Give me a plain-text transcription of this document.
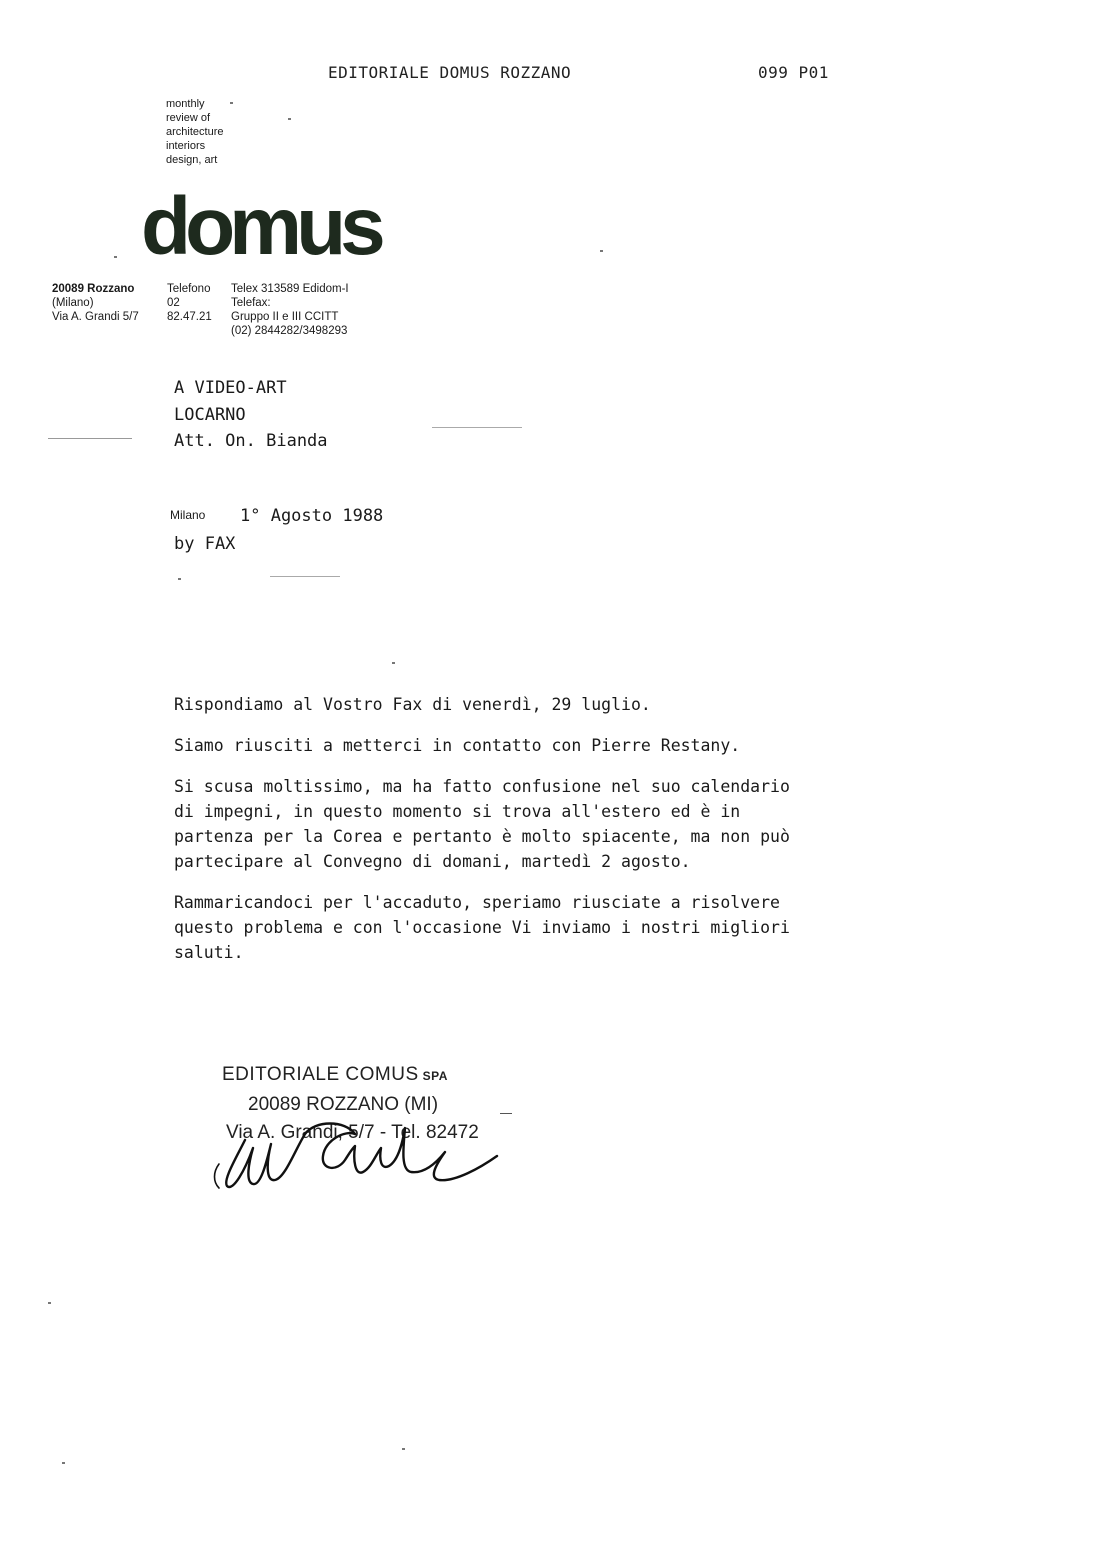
EDITORIALE DOMUS ROZZANO	099 P01
monthly
review of
architecture
interiors
design, art
domus
20089 Rozzano
(Milano)
Via A. Grandi 5/7
Telefono
02
82.47.21
Telex 313589 Edidom-I
Telefax:
Gruppo II e III CCITT
(02) 2844282/3498293
A VIDEO-ART
LOCARNO
Att. On. Bianda
Milano 1° Agosto 1988
by FAX

Rispondiamo al Vostro Fax di venerdì, 29 luglio.

Siamo riusciti a metterci in contatto con Pierre Restany.

Si scusa moltissimo, ma ha fatto confusione nel suo calendario
di impegni, in questo momento si trova all'estero ed è in
partenza per la Corea e pertanto è molto spiacente, ma non può
partecipare al Convegno di domani, martedì 2 agosto.

Rammaricandoci per l'accaduto, speriamo riusciate a risolvere
questo problema e con l'occasione Vi inviamo i nostri migliori
saluti.

EDITORIALE COMUS SPA
20089 ROZZANO (MI)
Via A. Grandi, 5/7 - Tel. 82472
